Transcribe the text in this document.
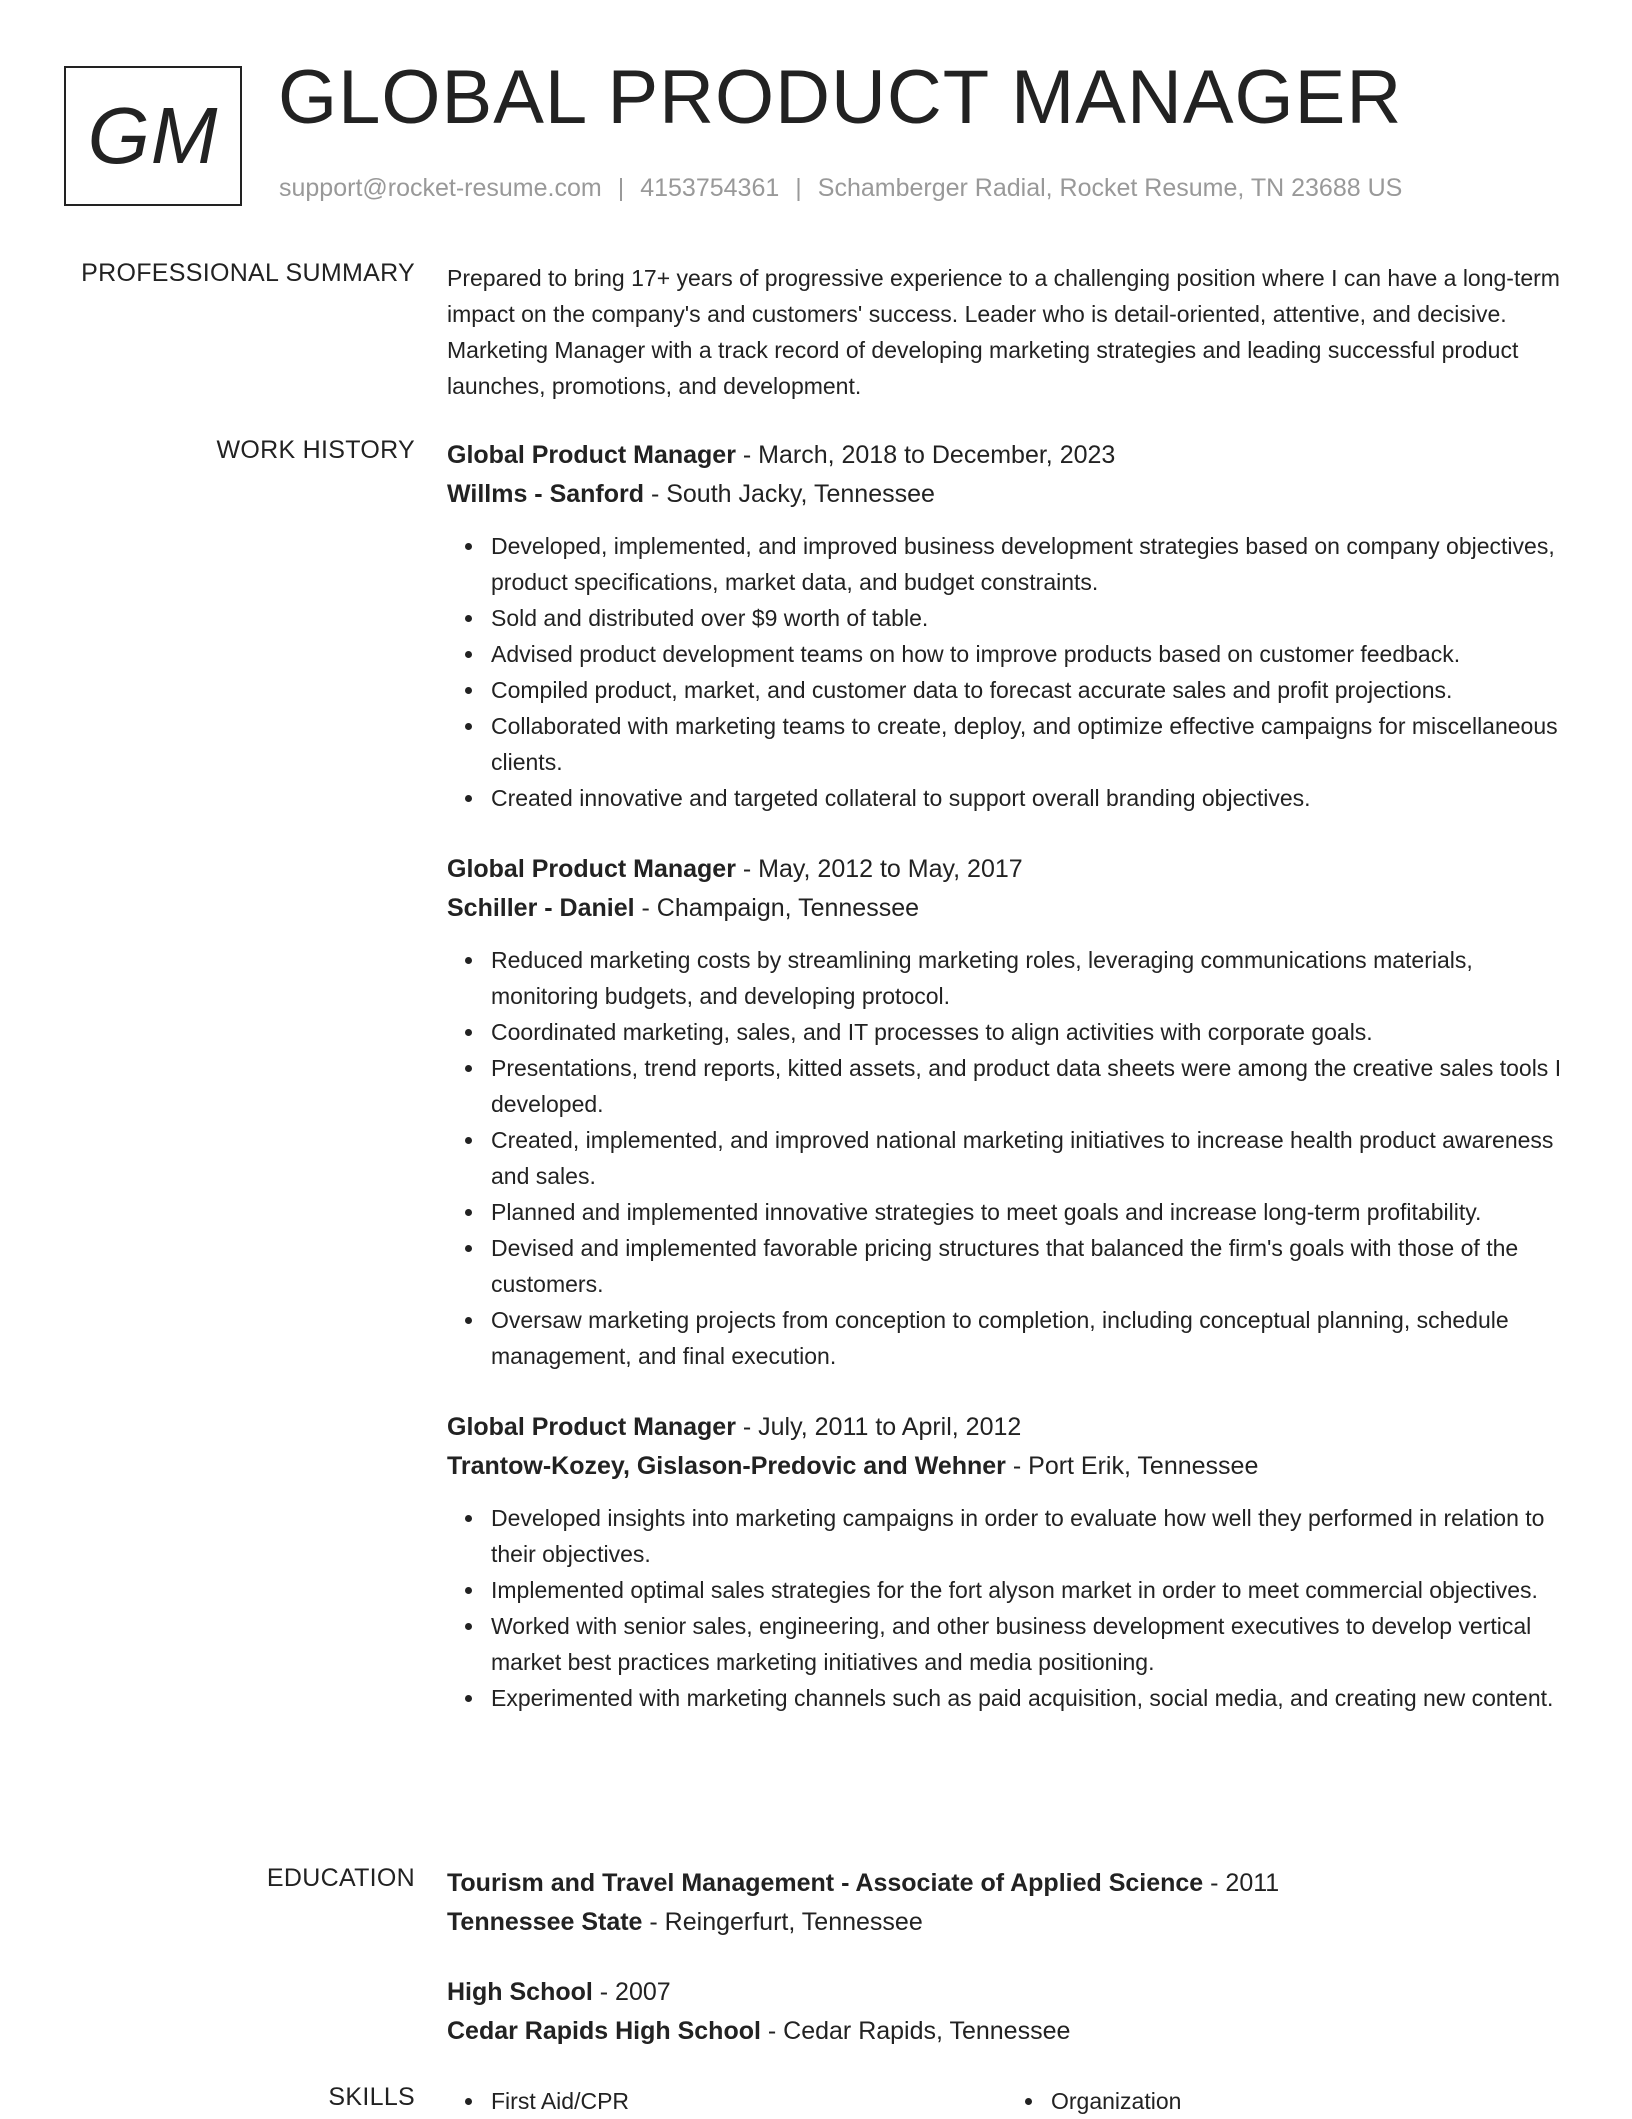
GM GLOBAL PRODUCT MANAGER
support@rocket-resume.com | 4153754361 | Schamberger Radial, Rocket Resume, TN 23688 US
PROFESSIONAL SUMMARY Prepared to bring 17+ years of progressive experience to a challenging position where I can have a long-term impact on the company's and customers' success. Leader who is detail-oriented, attentive, and decisive. Marketing Manager with a track record of developing marketing strategies and leading successful product launches, promotions, and development.
WORK HISTORY Global Product Manager - March, 2018 to December, 2023
Willms - Sanford - South Jacky, Tennessee
Developed, implemented, and improved business development strategies based on company objectives, product specifications, market data, and budget constraints.
Sold and distributed over $9 worth of table.
Advised product development teams on how to improve products based on customer feedback.
Compiled product, market, and customer data to forecast accurate sales and profit projections.
Collaborated with marketing teams to create, deploy, and optimize effective campaigns for miscellaneous clients.
Created innovative and targeted collateral to support overall branding objectives.
Global Product Manager - May, 2012 to May, 2017
Schiller - Daniel - Champaign, Tennessee
Reduced marketing costs by streamlining marketing roles, leveraging communications materials, monitoring budgets, and developing protocol.
Coordinated marketing, sales, and IT processes to align activities with corporate goals.
Presentations, trend reports, kitted assets, and product data sheets were among the creative sales tools I developed.
Created, implemented, and improved national marketing initiatives to increase health product awareness and sales.
Planned and implemented innovative strategies to meet goals and increase long-term profitability.
Devised and implemented favorable pricing structures that balanced the firm's goals with those of the customers.
Oversaw marketing projects from conception to completion, including conceptual planning, schedule management, and final execution.
Global Product Manager - July, 2011 to April, 2012
Trantow-Kozey, Gislason-Predovic and Wehner - Port Erik, Tennessee
Developed insights into marketing campaigns in order to evaluate how well they performed in relation to their objectives.
Implemented optimal sales strategies for the fort alyson market in order to meet commercial objectives.
Worked with senior sales, engineering, and other business development executives to develop vertical market best practices marketing initiatives and media positioning.
Experimented with marketing channels such as paid acquisition, social media, and creating new content.
EDUCATION Tourism and Travel Management - Associate of Applied Science - 2011
Tennessee State - Reingerfurt, Tennessee
High School - 2007
Cedar Rapids High School - Cedar Rapids, Tennessee
SKILLS	First Aid/CPR	Organization
